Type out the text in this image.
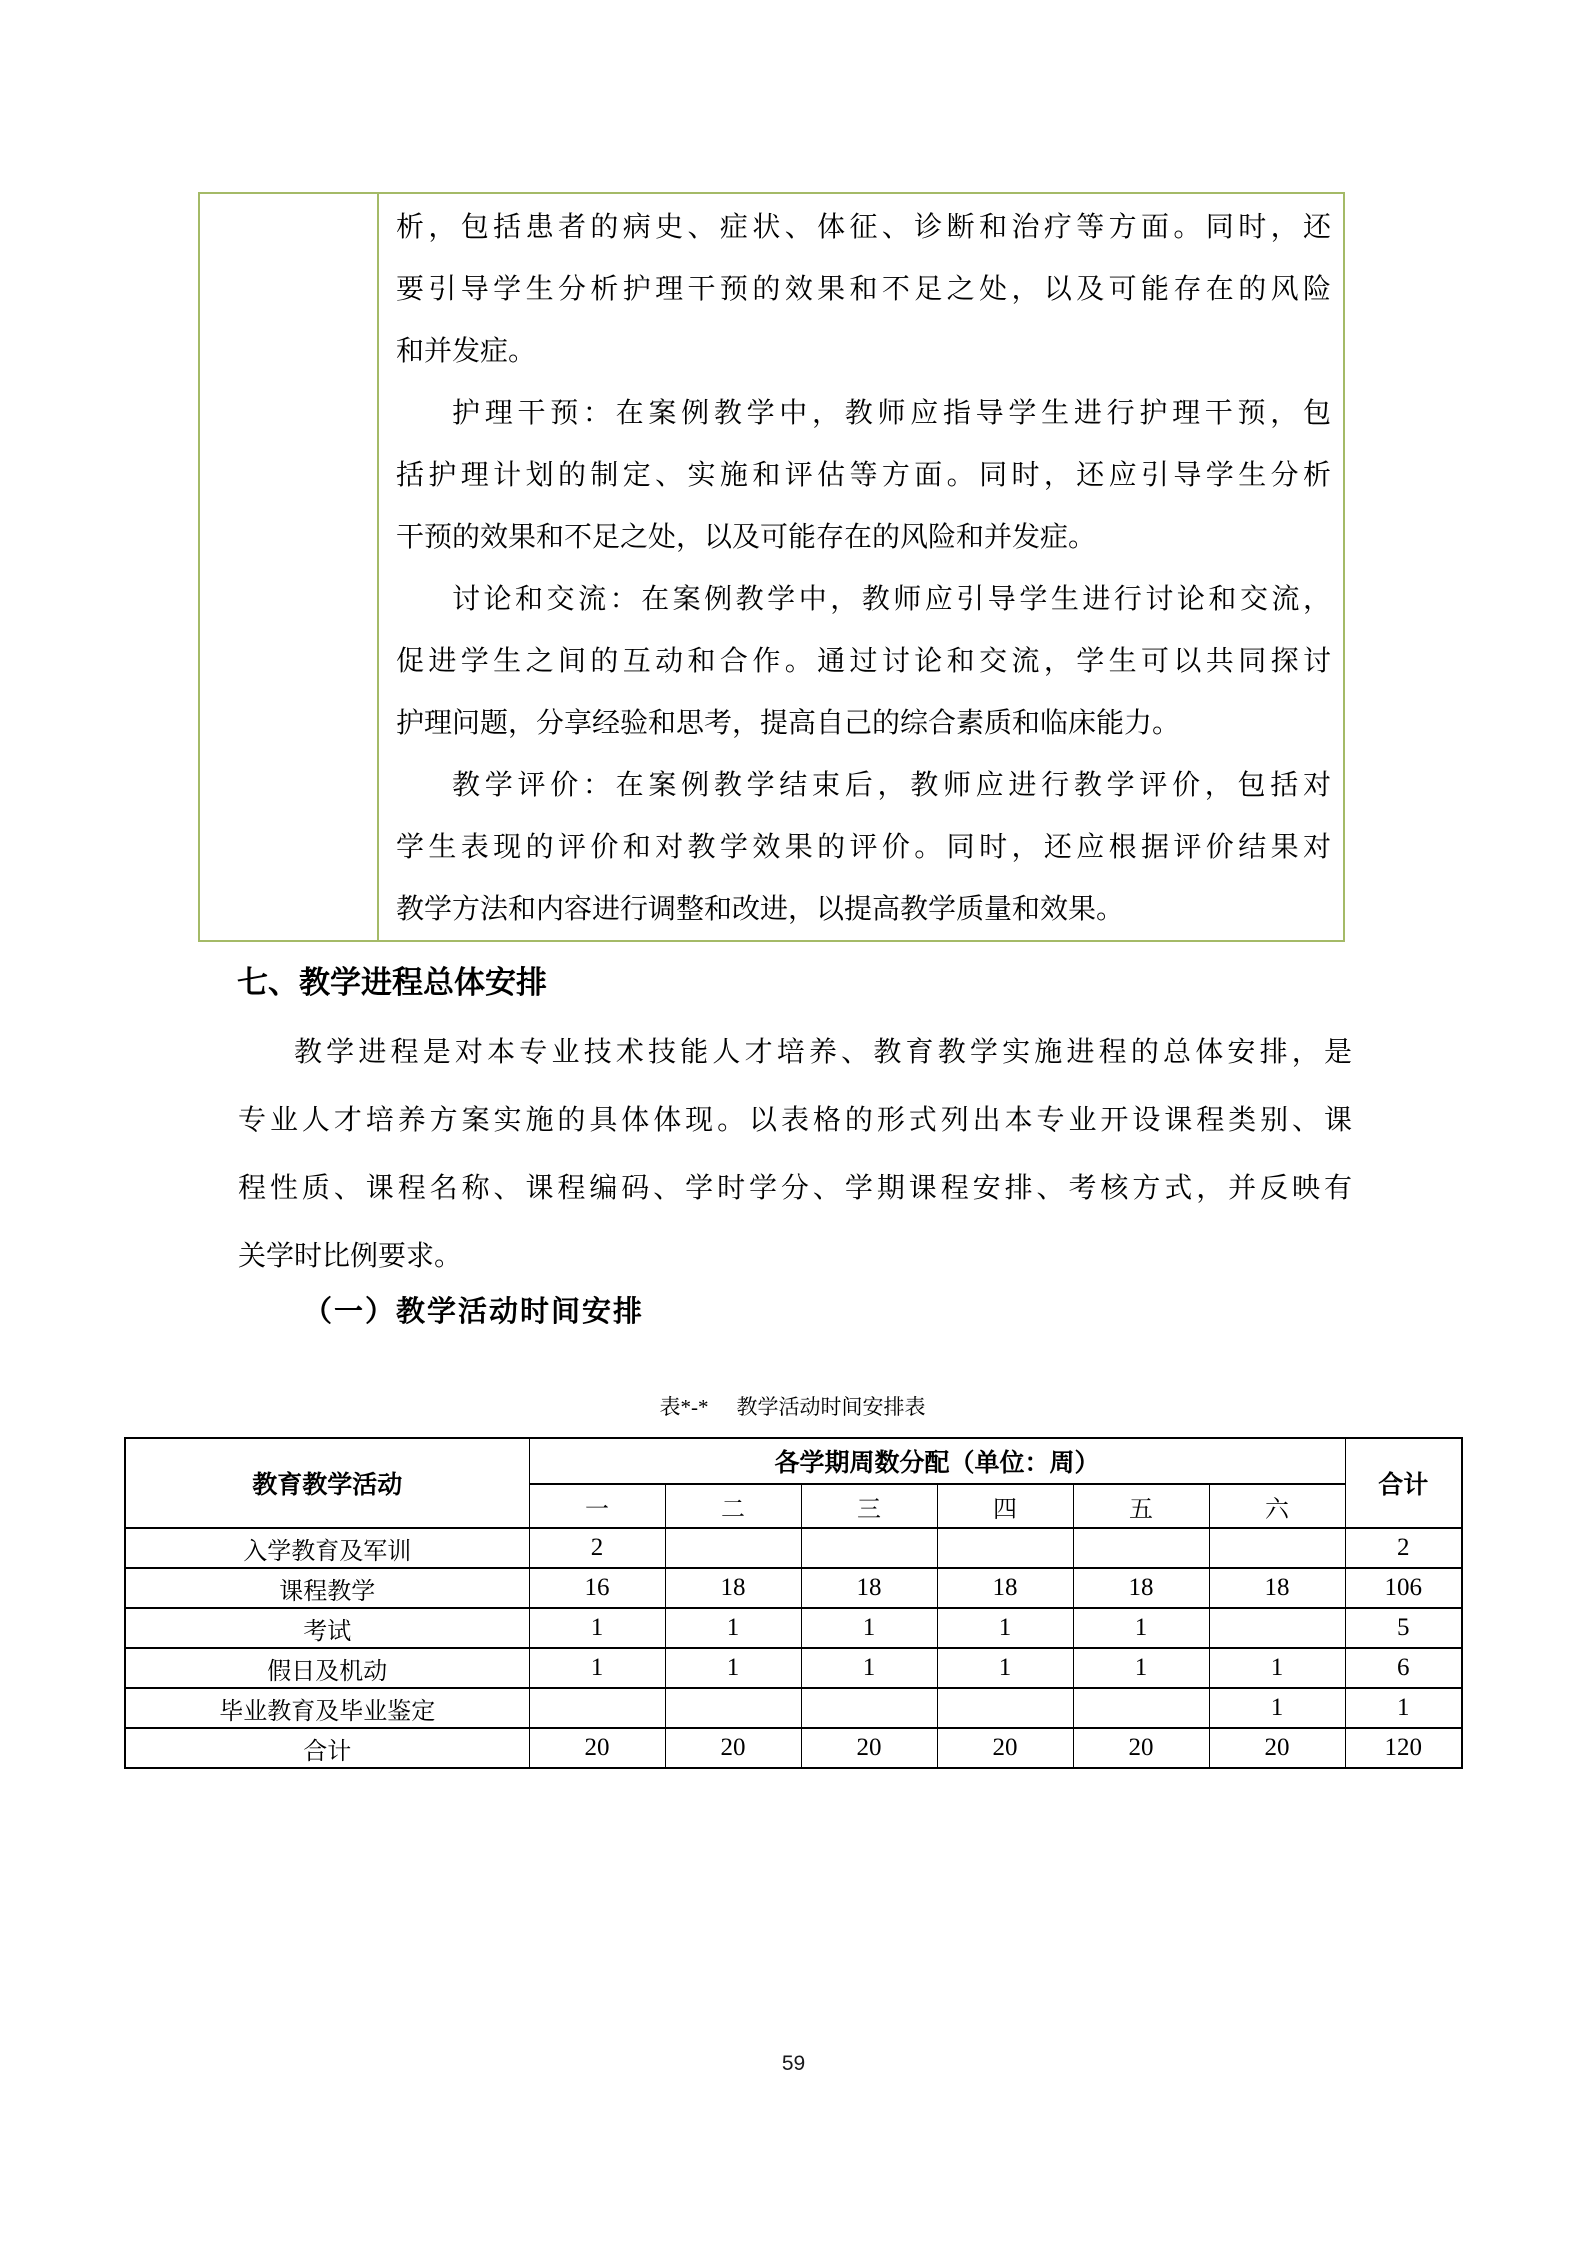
析，包括患者的病史、症状、体征、诊断和治疗等方面。同时，还
要引导学生分析护理干预的效果和不足之处，以及可能存在的风险
和并发症。
护理干预：在案例教学中，教师应指导学生进行护理干预，包
括护理计划的制定、实施和评估等方面。同时，还应引导学生分析
干预的效果和不足之处，以及可能存在的风险和并发症。
讨论和交流：在案例教学中，教师应引导学生进行讨论和交流，
促进学生之间的互动和合作。通过讨论和交流，学生可以共同探讨
护理问题，分享经验和思考，提高自己的综合素质和临床能力。
教学评价：在案例教学结束后，教师应进行教学评价，包括对
学生表现的评价和对教学效果的评价。同时，还应根据评价结果对
教学方法和内容进行调整和改进，以提高教学质量和效果。
七、教学进程总体安排
教学进程是对本专业技术技能人才培养、教育教学实施进程的总体安排，是
专业人才培养方案实施的具体体现。以表格的形式列出本专业开设课程类别、课
程性质、课程名称、课程编码、学时学分、学期课程安排、考核方式，并反映有
关学时比例要求。
（一）教学活动时间安排
表*-* 教学活动时间安排表
教育教学活动	各学期周数分配（单位：周）						合计
	一	二	三	四	五	六	
入学教育及军训	2						2
课程教学	16	18	18	18	18	18	106
考试	1	1	1	1	1		5
假日及机动	1	1	1	1	1	1	6
毕业教育及毕业鉴定						1	1
合计	20	20	20	20	20	20	120
59
